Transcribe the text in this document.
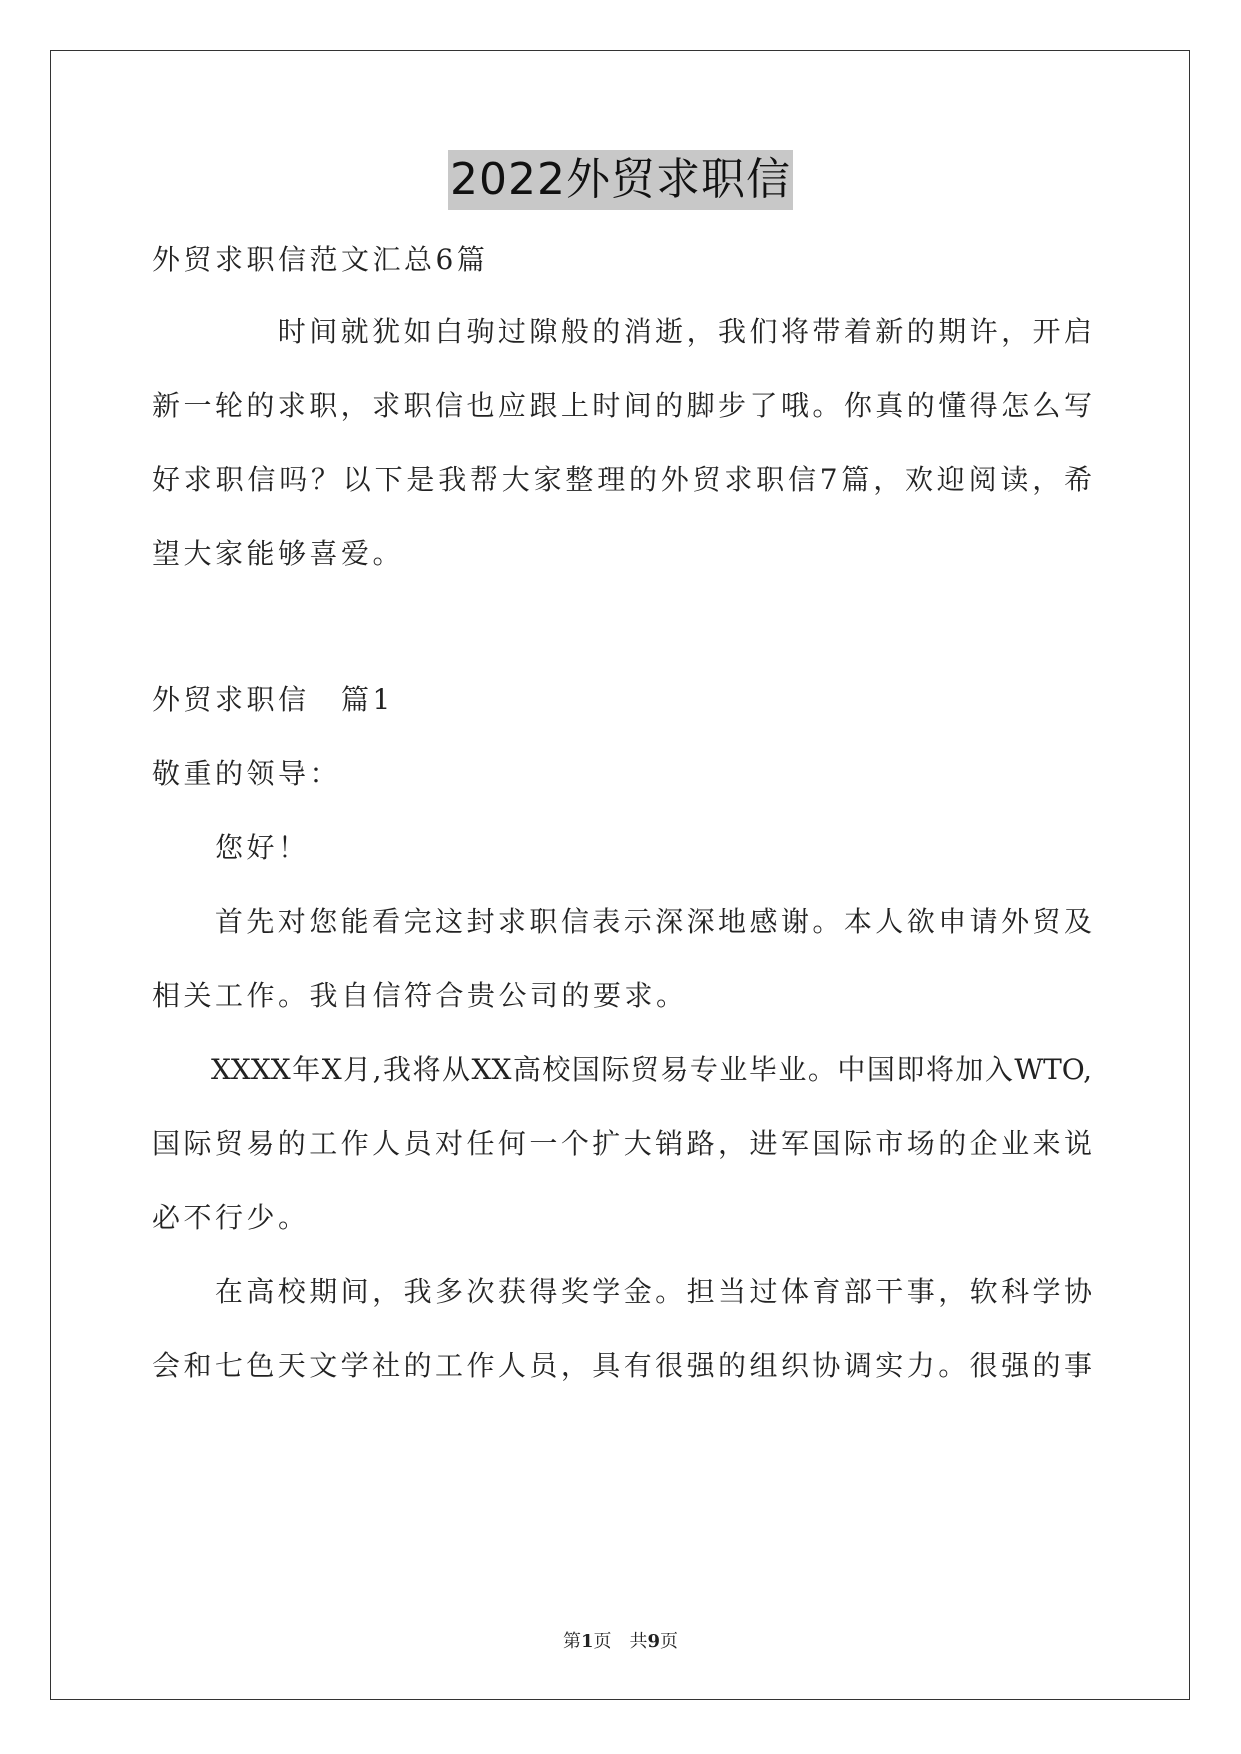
2022外贸求职信
外贸求职信范文汇总6篇
　　　　时间就犹如白驹过隙般的消逝，我们将带着新的期许，开启
新一轮的求职，求职信也应跟上时间的脚步了哦。你真的懂得怎么写
好求职信吗？以下是我帮大家整理的外贸求职信7篇，欢迎阅读，希
望大家能够喜爱。
外贸求职信　篇1
敬重的领导：
　　您好！
　　首先对您能看完这封求职信表示深深地感谢。本人欲申请外贸及
相关工作。我自信符合贵公司的要求。
　　XXXX年X月,我将从XX高校国际贸易专业毕业。中国即将加入WTO,
国际贸易的工作人员对任何一个扩大销路，进军国际市场的企业来说
必不行少。
　　在高校期间，我多次获得奖学金。担当过体育部干事，软科学协
会和七色天文学社的工作人员，具有很强的组织协调实力。很强的事
第1页　共9页
